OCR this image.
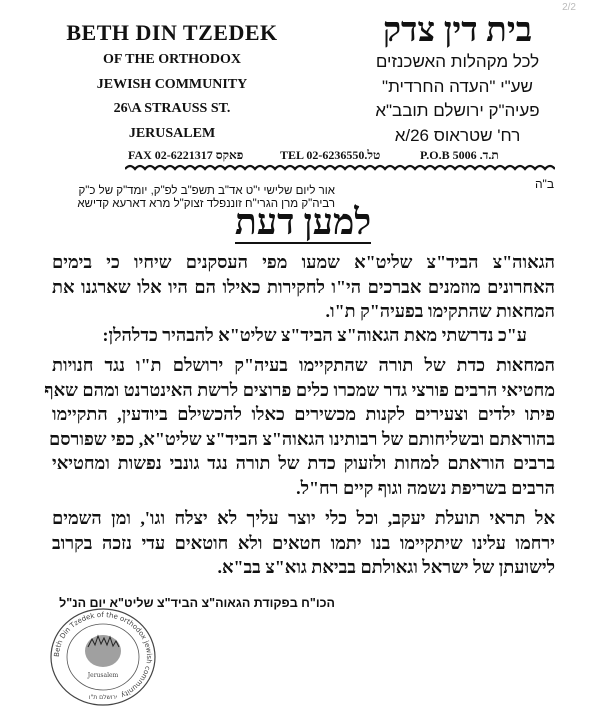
2/2
BETH DIN TZEDEK
OF THE ORTHODOX
JEWISH COMMUNITY
26\A STRAUSS ST.
JERUSALEM
בית דין צדק
לכל מקהלות האשכנזים
שע"י "העדה החרדית"
פעיה"ק ירושלם תובב"א
רח' שטראוס 26/א
FAX 02-6221317 פאקס	TEL 02-6236550.טל	P.O.B 5006 .ת.ד
ב"ה
אור ליום שלישי י"ט אד"ב תשפ"ב לפ"ק, יומד"ק של כ"ק
רביה"ק מרן הגרי"ח זוננפלד זצוק"ל מרא דארעא קדישא
למען דעת
הגאוה"צ הביד"צ שליט"א שמעו מפי העסקנים שיחיו כי בימים
האחרונים מוזמנים אברכים הי"ו לחקירות כאילו הם היו אלו שארגנו את
המחאות שהתקימו בפעיה"ק ת"ו.
ע"כ נדרשתי מאת הגאוה"צ הביד"צ שליט"א להבהיר כדלהלן:
המחאות כדת של תורה שהתקיימו בעיה"ק ירושלם ת"ו נגד חנויות
מחטיאי הרבים פורצי גדר שמכרו כלים פרוצים לרשת האינטרנט ומהם שאף
פיתו ילדים וצעירים לקנות מכשירים כאלו להכשילם ביודעין, התקיימו
בהוראתם ובשליחותם של רבותינו הגאוה"צ הביד"צ שליט"א, כפי שפורסם
ברבים הוראתם למחות ולזעוק כדת של תורה נגד גונבי נפשות ומחטיאי
הרבים בשריפת נשמה וגוף קיים רח"ל.
אל תראי תועלת יעקב, וכל כלי יוצר עליך לא יצלח וגו', ומן השמים
ירחמו עלינו שיתקיימו בנו יתמו חטאים ולא חוטאים עדי נזכה בקרוב
לישועתן של ישראל וגאולתם בביאת גוא"צ בב"א.
הכו"ח בפקודת הגאוה"צ הביד"צ שליט"א יום הנ"ל
Beth Din Tzedek of the orthodox jewish community
Jerusalem
ירושלם ת"ו
